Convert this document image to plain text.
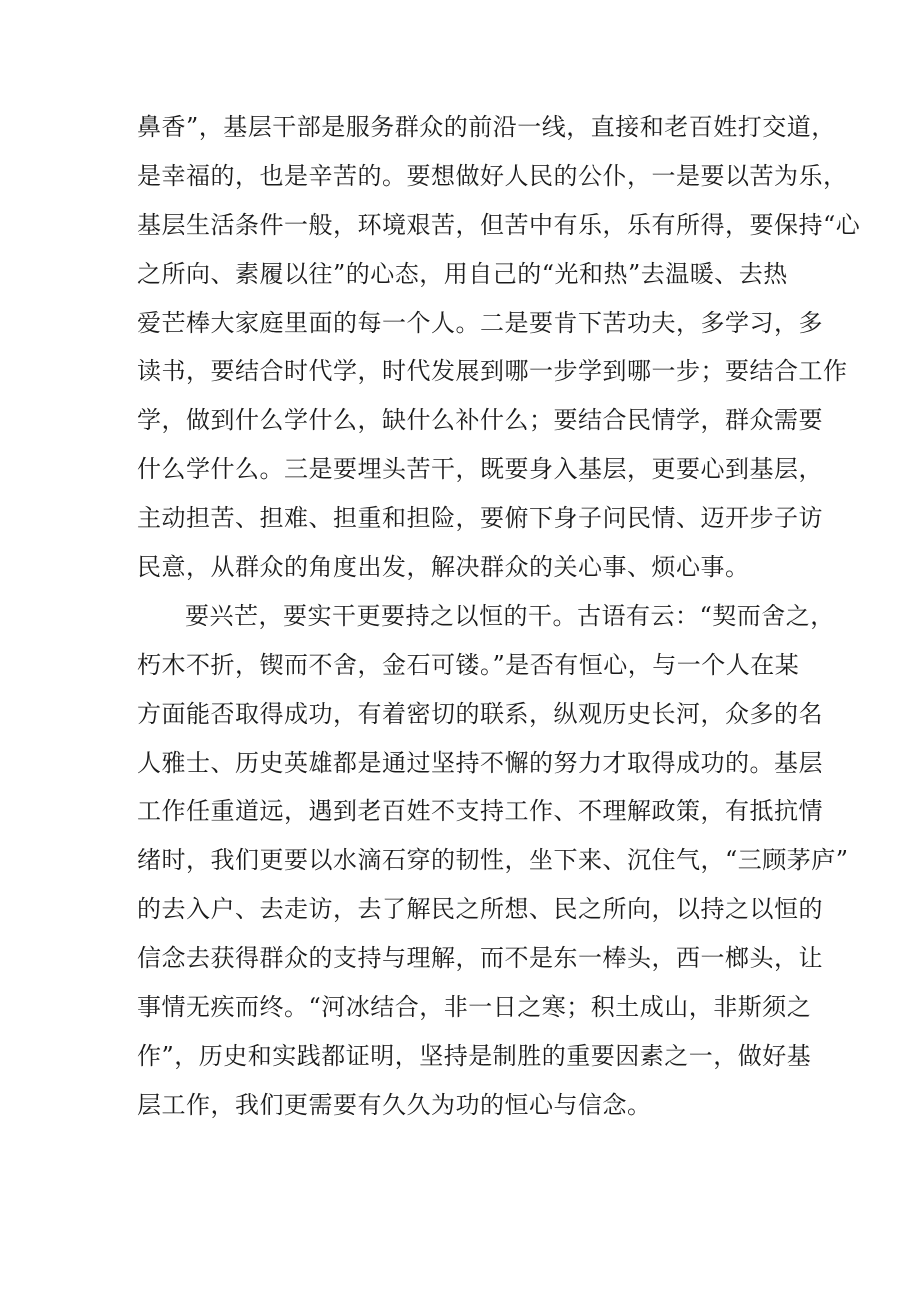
鼻香”，基层干部是服务群众的前沿一线，直接和老百姓打交道，
是幸福的，也是辛苦的。要想做好人民的公仆，一是要以苦为乐，
基层生活条件一般，环境艰苦，但苦中有乐，乐有所得，要保持“心
之所向、素履以往”的心态，用自己的“光和热”去温暖、去热
爱芒棒大家庭里面的每一个人。二是要肯下苦功夫，多学习，多
读书，要结合时代学，时代发展到哪一步学到哪一步；要结合工作
学，做到什么学什么，缺什么补什么；要结合民情学，群众需要
什么学什么。三是要埋头苦干，既要身入基层，更要心到基层，
主动担苦、担难、担重和担险，要俯下身子问民情、迈开步子访
民意，从群众的角度出发，解决群众的关心事、烦心事。
要兴芒，要实干更要持之以恒的干。古语有云：“契而舍之，
朽木不折，锲而不舍，金石可镂。”是否有恒心，与一个人在某
方面能否取得成功，有着密切的联系，纵观历史长河，众多的名
人雅士、历史英雄都是通过坚持不懈的努力才取得成功的。基层
工作任重道远，遇到老百姓不支持工作、不理解政策，有抵抗情
绪时，我们更要以水滴石穿的韧性，坐下来、沉住气，“三顾茅庐”
的去入户、去走访，去了解民之所想、民之所向，以持之以恒的
信念去获得群众的支持与理解，而不是东一棒头，西一榔头，让
事情无疾而终。“河冰结合，非一日之寒；积土成山，非斯须之
作”，历史和实践都证明，坚持是制胜的重要因素之一，做好基
层工作，我们更需要有久久为功的恒心与信念。
